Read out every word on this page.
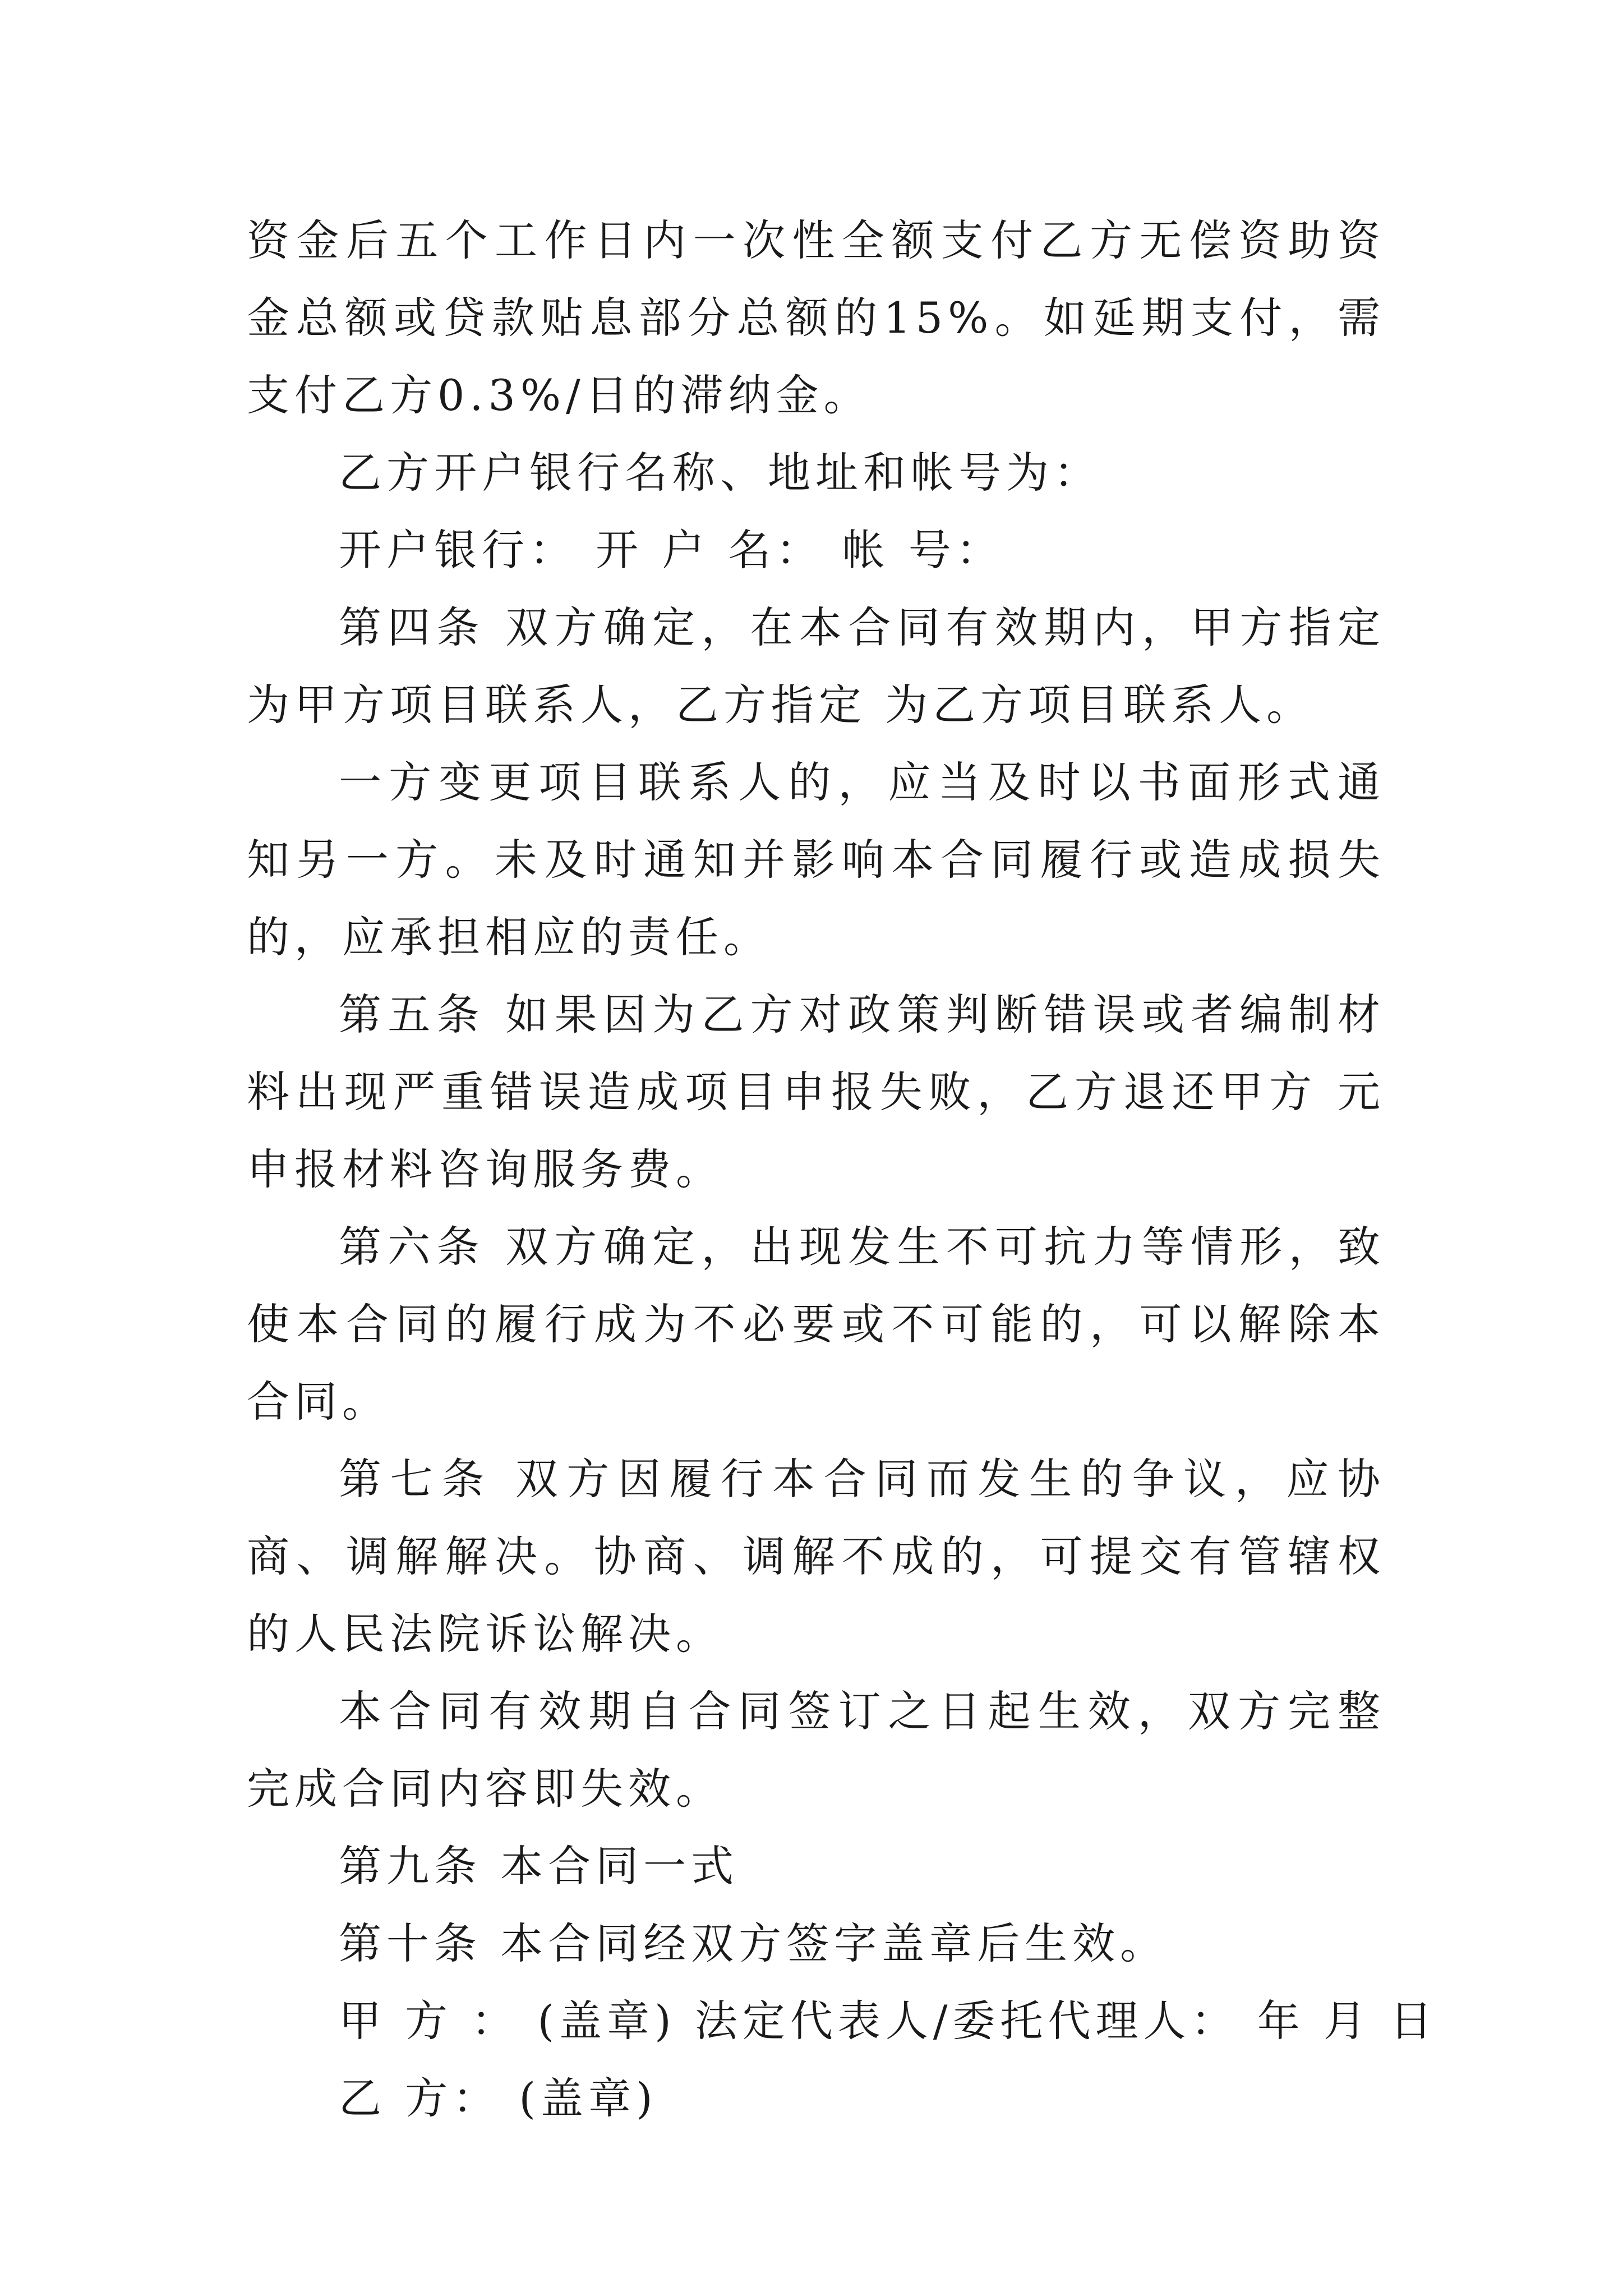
资金后五个工作日内一次性全额支付乙方无偿资助资金总额或贷款贴息部分总额的15%。如延期支付，需支付乙方0.3%/日的滞纳金。

乙方开户银行名称、地址和帐号为：

开户银行： 开 户 名： 帐 号：

第四条 双方确定，在本合同有效期内，甲方指定为甲方项目联系人，乙方指定 为乙方项目联系人。

一方变更项目联系人的，应当及时以书面形式通知另一方。未及时通知并影响本合同履行或造成损失的，应承担相应的责任。

第五条 如果因为乙方对政策判断错误或者编制材料出现严重错误造成项目申报失败，乙方退还甲方 元申报材料咨询服务费。

第六条 双方确定，出现发生不可抗力等情形，致使本合同的履行成为不必要或不可能的，可以解除本合同。

第七条 双方因履行本合同而发生的争议，应协商、调解解决。协商、调解不成的，可提交有管辖权的人民法院诉讼解决。

本合同有效期自合同签订之日起生效，双方完整完成合同内容即失效。

第九条 本合同一式

第十条 本合同经双方签字盖章后生效。

甲 方 ： (盖章) 法定代表人/委托代理人： 年 月 日

乙 方： (盖章)
